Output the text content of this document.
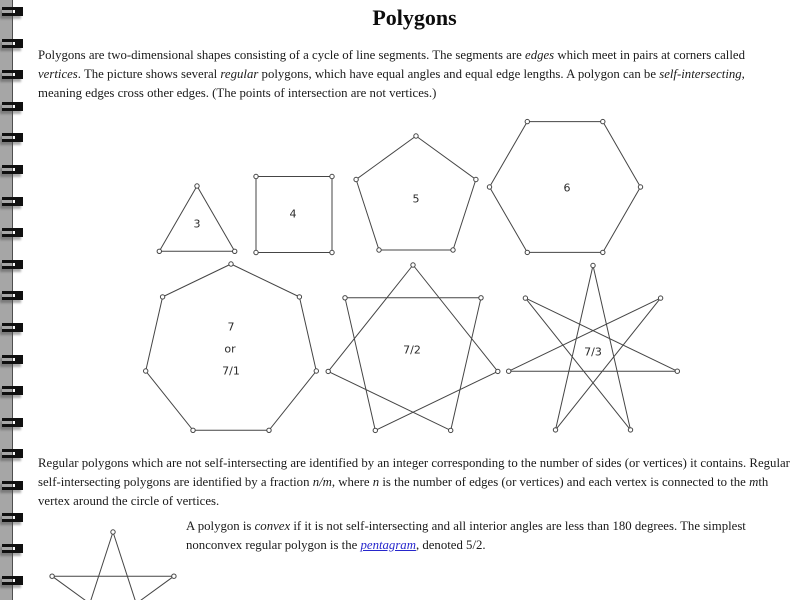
3
4
5
6
7
or
7/1
7/2	7/3
Polygons

Polygons are two-dimensional shapes consisting of a cycle of line segments. The segments are edges which meet in pairs at corners called vertices. The picture shows several regular polygons, which have equal angles and equal edge lengths. A polygon can be self-intersecting, meaning edges cross other edges. (The points of intersection are not vertices.)

Regular polygons which are not self-intersecting are identified by an integer corresponding to the number of sides (or vertices) it contains. Regular self-intersecting polygons are identified by a fraction n/m, where n is the number of edges (or vertices) and each vertex is connected to the mth vertex around the circle of vertices.

A polygon is convex if it is not self-intersecting and all interior angles are less than 180 degrees. The simplest nonconvex regular polygon is the pentagram, denoted 5/2.
